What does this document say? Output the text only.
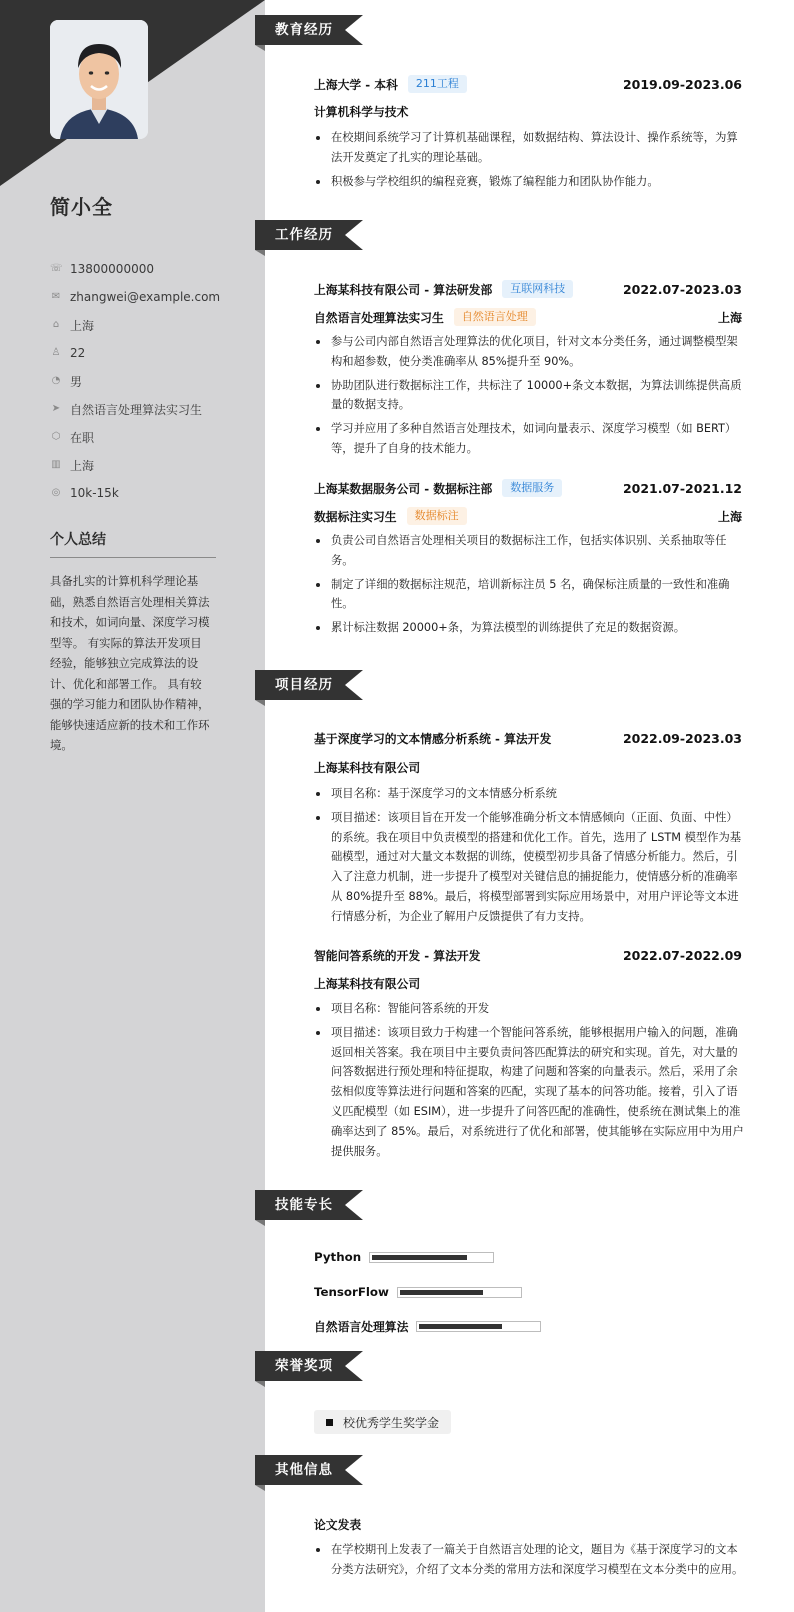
简小全
☏ 13800000000
✉ zhangwei@example.com
⌂ 上海
♙ 22
◔ 男
➤ 自然语言处理算法实习生
⬡ 在职
▥ 上海
◎ 10k-15k
个人总结
具备扎实的计算机科学理论基础，熟悉自然语言处理相关算法和技术，如词向量、深度学习模型等。 有实际的算法开发项目经验，能够独立完成算法的设计、优化和部署工作。 具有较强的学习能力和团队协作精神，能够快速适应新的技术和工作环境。
教育经历
上海大学 - 本科	211工程	2019.09-2023.06
计算机科学与技术
在校期间系统学习了计算机基础课程，如数据结构、算法设计、操作系统等，为算法开发奠定了扎实的理论基础。
积极参与学校组织的编程竞赛，锻炼了编程能力和团队协作能力。
工作经历
上海某科技有限公司 - 算法研发部	互联网科技	2022.07-2023.03
自然语言处理算法实习生	自然语言处理	上海
参与公司内部自然语言处理算法的优化项目，针对文本分类任务，通过调整模型架构和超参数，使分类准确率从 85%提升至 90%。
协助团队进行数据标注工作，共标注了 10000+条文本数据，为算法训练提供高质量的数据支持。
学习并应用了多种自然语言处理技术，如词向量表示、深度学习模型（如 BERT）等，提升了自身的技术能力。
上海某数据服务公司 - 数据标注部	数据服务	2021.07-2021.12
数据标注实习生	数据标注	上海
负责公司自然语言处理相关项目的数据标注工作，包括实体识别、关系抽取等任务。
制定了详细的数据标注规范，培训新标注员 5 名，确保标注质量的一致性和准确性。
累计标注数据 20000+条，为算法模型的训练提供了充足的数据资源。
项目经历
基于深度学习的文本情感分析系统 - 算法开发	2022.09-2023.03
上海某科技有限公司
项目名称：基于深度学习的文本情感分析系统
项目描述：该项目旨在开发一个能够准确分析文本情感倾向（正面、负面、中性）的系统。我在项目中负责模型的搭建和优化工作。首先，选用了 LSTM 模型作为基础模型，通过对大量文本数据的训练，使模型初步具备了情感分析能力。然后，引入了注意力机制，进一步提升了模型对关键信息的捕捉能力，使情感分析的准确率从 80%提升至 88%。最后，将模型部署到实际应用场景中，对用户评论等文本进行情感分析，为企业了解用户反馈提供了有力支持。
智能问答系统的开发 - 算法开发	2022.07-2022.09
上海某科技有限公司
项目名称：智能问答系统的开发
项目描述：该项目致力于构建一个智能问答系统，能够根据用户输入的问题，准确返回相关答案。我在项目中主要负责问答匹配算法的研究和实现。首先，对大量的问答数据进行预处理和特征提取，构建了问题和答案的向量表示。然后，采用了余弦相似度等算法进行问题和答案的匹配，实现了基本的问答功能。接着，引入了语义匹配模型（如 ESIM），进一步提升了问答匹配的准确性，使系统在测试集上的准确率达到了 85%。最后，对系统进行了优化和部署，使其能够在实际应用中为用户提供服务。
技能专长
Python
TensorFlow
自然语言处理算法
荣誉奖项
校优秀学生奖学金
其他信息
论文发表
在学校期刊上发表了一篇关于自然语言处理的论文，题目为《基于深度学习的文本分类方法研究》，介绍了文本分类的常用方法和深度学习模型在文本分类中的应用。
